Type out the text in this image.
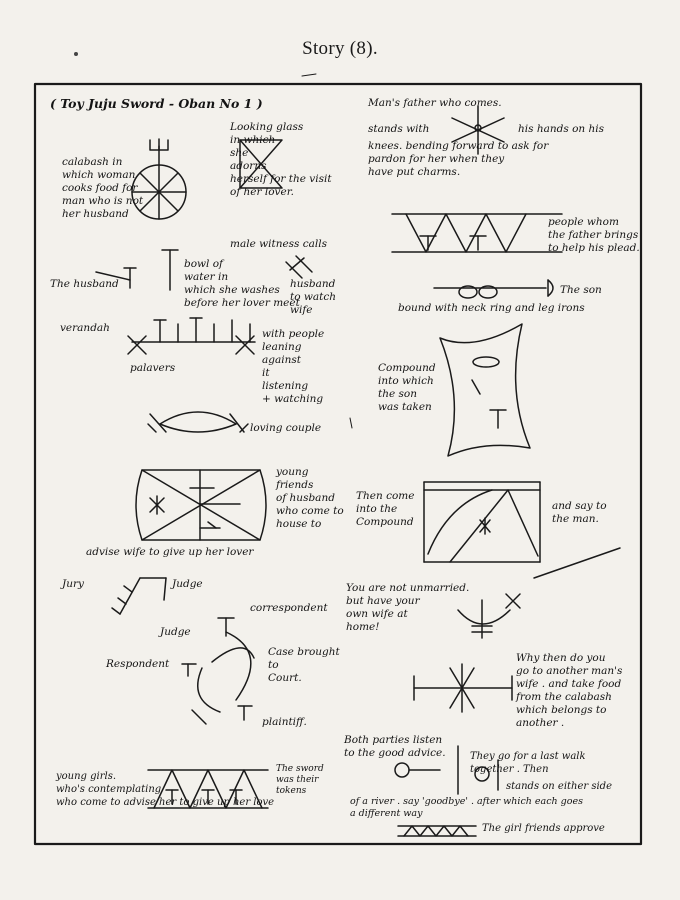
Story (8).
( Toy Juju Sword - Oban No 1 )
calabash in
which woman
cooks food for
man who is not
her husband
Looking glass
in which
she
adorns
herself for the visit
of her lover.
male witness calls
husband
to watch
wife
The husband
bowl of
water in
which she washes
before her lover meet
verandah
palavers
with people
leaning
against
it
listening
+ watching
loving couple
young
friends
of husband
who come to
house to
advise wife to give up her lover
Jury	Judge
Judge
Respondent
correspondent
Case brought
to
Court.
plaintiff.
young girls.
who's contemplating
who come to advise her to give up her love
The sword
was their
tokens
Man's father who comes.
stands with	his hands on his
knees. bending forward to ask for
pardon for her when they
have put charms.
people whom
the father brings
to help his plead.
The son
bound with neck ring and leg irons
Compound
into which
the son
was taken
Then come
into the
Compound
and say to
the man.
You are not unmarried.
but have your
own wife at
home!
Why then do you
go to another man's
wife . and take food
from the calabash
which belongs to
another .
Both parties listen
to the good advice. They go for a last walk
together . Then
stands on either side
of a river . say 'goodbye' . after which each goes
a different way
The girl friends approve
